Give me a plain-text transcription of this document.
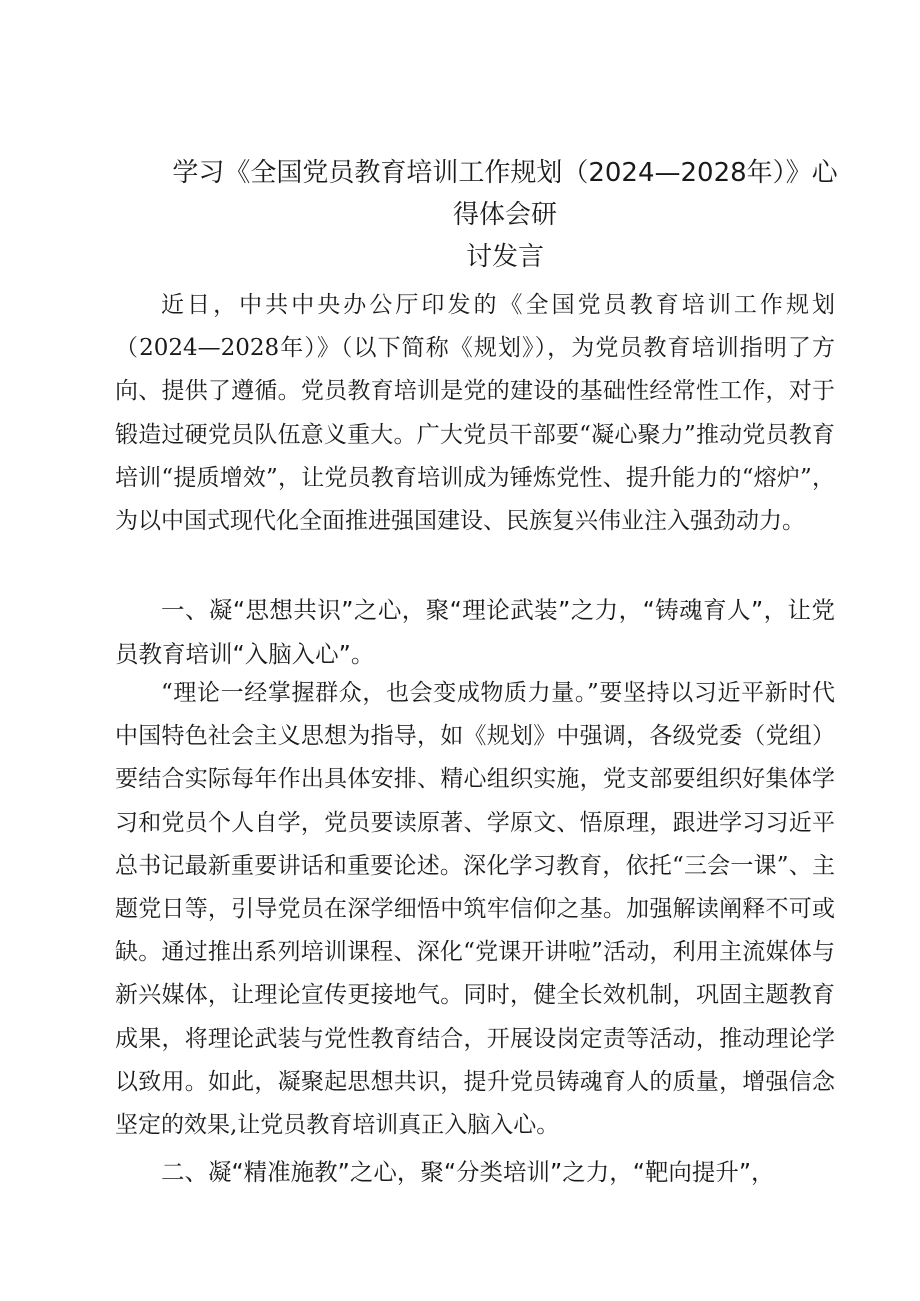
学习《全国党员教育培训工作规划（2024—2028年）》心得体会研
讨发言

近日，中共中央办公厅印发的《全国党员教育培训工作规划（2024—2028年）》（以下简称《规划》），为党员教育培训指明了方向、提供了遵循。党员教育培训是党的建设的基础性经常性工作，对于锻造过硬党员队伍意义重大。广大党员干部要“凝心聚力”推动党员教育培训“提质增效”，让党员教育培训成为锤炼党性、提升能力的“熔炉”，为以中国式现代化全面推进强国建设、民族复兴伟业注入强劲动力。

一、凝“思想共识”之心，聚“理论武装”之力，“铸魂育人”，让党员教育培训“入脑入心”。

“理论一经掌握群众，也会变成物质力量。”要坚持以习近平新时代中国特色社会主义思想为指导，如《规划》中强调，各级党委（党组）要结合实际每年作出具体安排、精心组织实施，党支部要组织好集体学习和党员个人自学，党员要读原著、学原文、悟原理，跟进学习习近平总书记最新重要讲话和重要论述。深化学习教育，依托“三会一课”、主题党日等，引导党员在深学细悟中筑牢信仰之基。加强解读阐释不可或缺。通过推出系列培训课程、深化“党课开讲啦”活动，利用主流媒体与新兴媒体，让理论宣传更接地气。同时，健全长效机制，巩固主题教育成果，将理论武装与党性教育结合，开展设岗定责等活动，推动理论学以致用。如此，凝聚起思想共识，提升党员铸魂育人的质量，增强信念坚定的效果,让党员教育培训真正入脑入心。

二、凝“精准施教”之心，聚“分类培训”之力，“靶向提升”，
